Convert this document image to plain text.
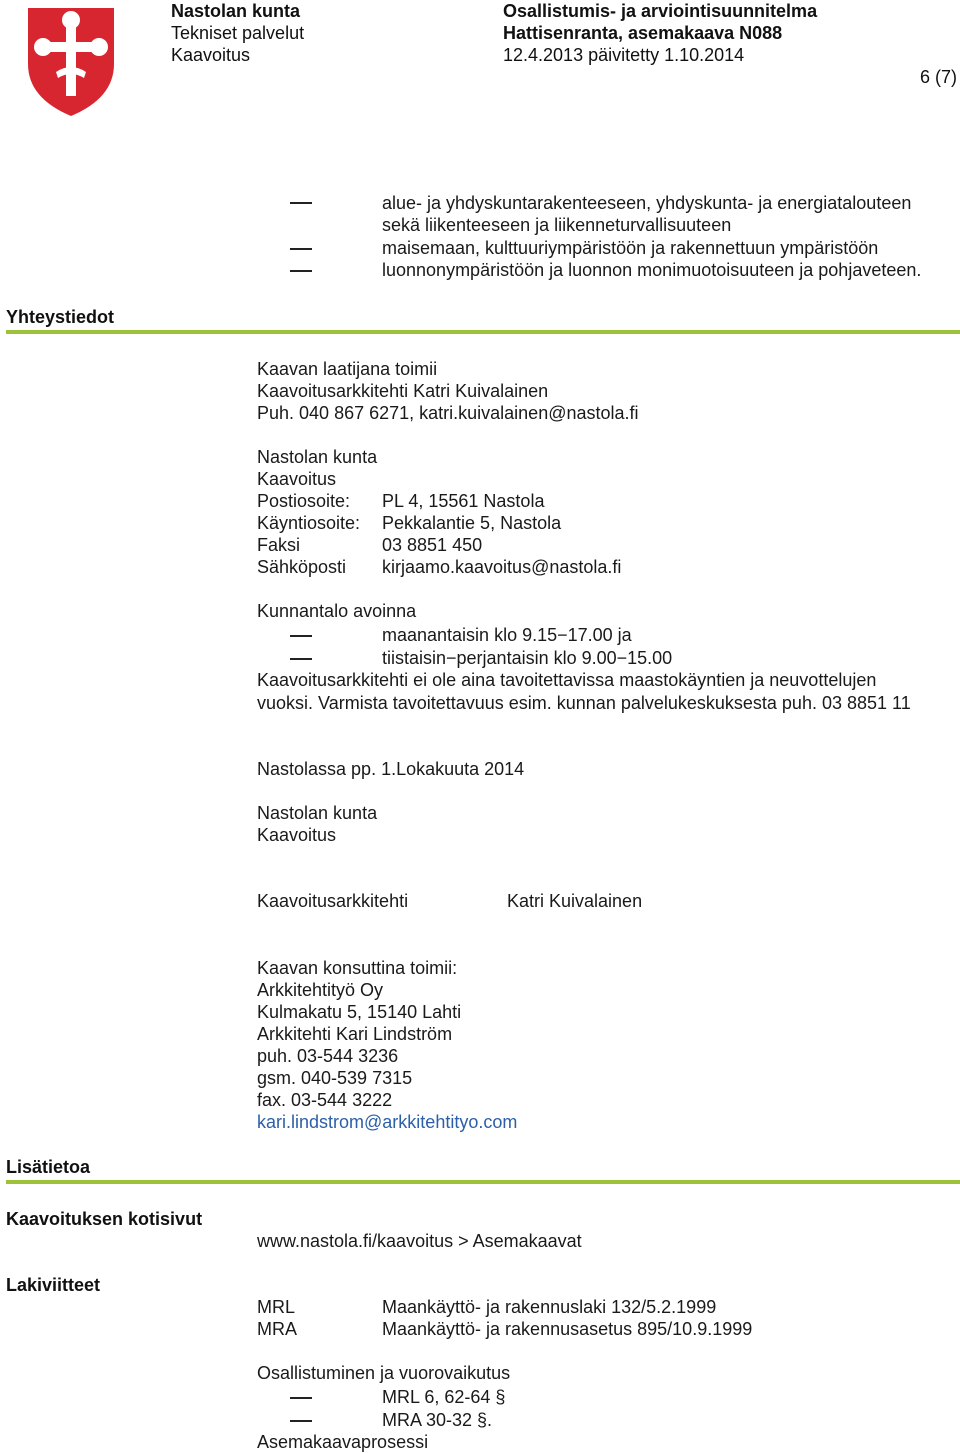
Nastolan kunta
Tekniset palvelut
Kaavoitus
Osallistumis- ja arviointisuunnitelma
Hattisenranta, asemakaava N088
12.4.2013 päivitetty 1.10.2014
6 (7)
alue- ja yhdyskuntarakenteeseen, yhdyskunta- ja energiatalouteen
sekä liikenteeseen ja liikenneturvallisuuteen
maisemaan, kulttuuriympäristöön ja rakennettuun ympäristöön
luonnonympäristöön ja luonnon monimuotoisuuteen ja pohjaveteen.
Yhteystiedot
Kaavan laatijana toimii
Kaavoitusarkkitehti Katri Kuivalainen
Puh. 040 867 6271, katri.kuivalainen@nastola.fi
Nastolan kunta
Kaavoitus
Postiosoite: PL 4, 15561 Nastola
Käyntiosoite: Pekkalantie 5, Nastola
Faksi	03 8851 450
Sähköposti kirjaamo.kaavoitus@nastola.fi
Kunnantalo avoinna
maanantaisin klo 9.15−17.00 ja
tiistaisin−perjantaisin klo 9.00−15.00
Kaavoitusarkkitehti ei ole aina tavoitettavissa maastokäyntien ja neuvottelujen
vuoksi. Varmista tavoitettavuus esim. kunnan palvelukeskuksesta puh. 03 8851 11
Nastolassa pp. 1.Lokakuuta 2014
Nastolan kunta
Kaavoitus
Kaavoitusarkkitehti	Katri Kuivalainen
Kaavan konsuttina toimii:
Arkkitehtityö Oy
Kulmakatu 5, 15140 Lahti
Arkkitehti Kari Lindström
puh. 03-544 3236
gsm. 040-539 7315
fax. 03-544 3222
kari.lindstrom@arkkitehtityo.com
Lisätietoa
Kaavoituksen kotisivut
www.nastola.fi/kaavoitus > Asemakaavat
Lakiviitteet
MRL	Maankäyttö- ja rakennuslaki 132/5.2.1999
MRA	Maankäyttö- ja rakennusasetus 895/10.9.1999
Osallistuminen ja vuorovaikutus
MRL 6, 62-64 §
MRA 30-32 §.
Asemakaavaprosessi
